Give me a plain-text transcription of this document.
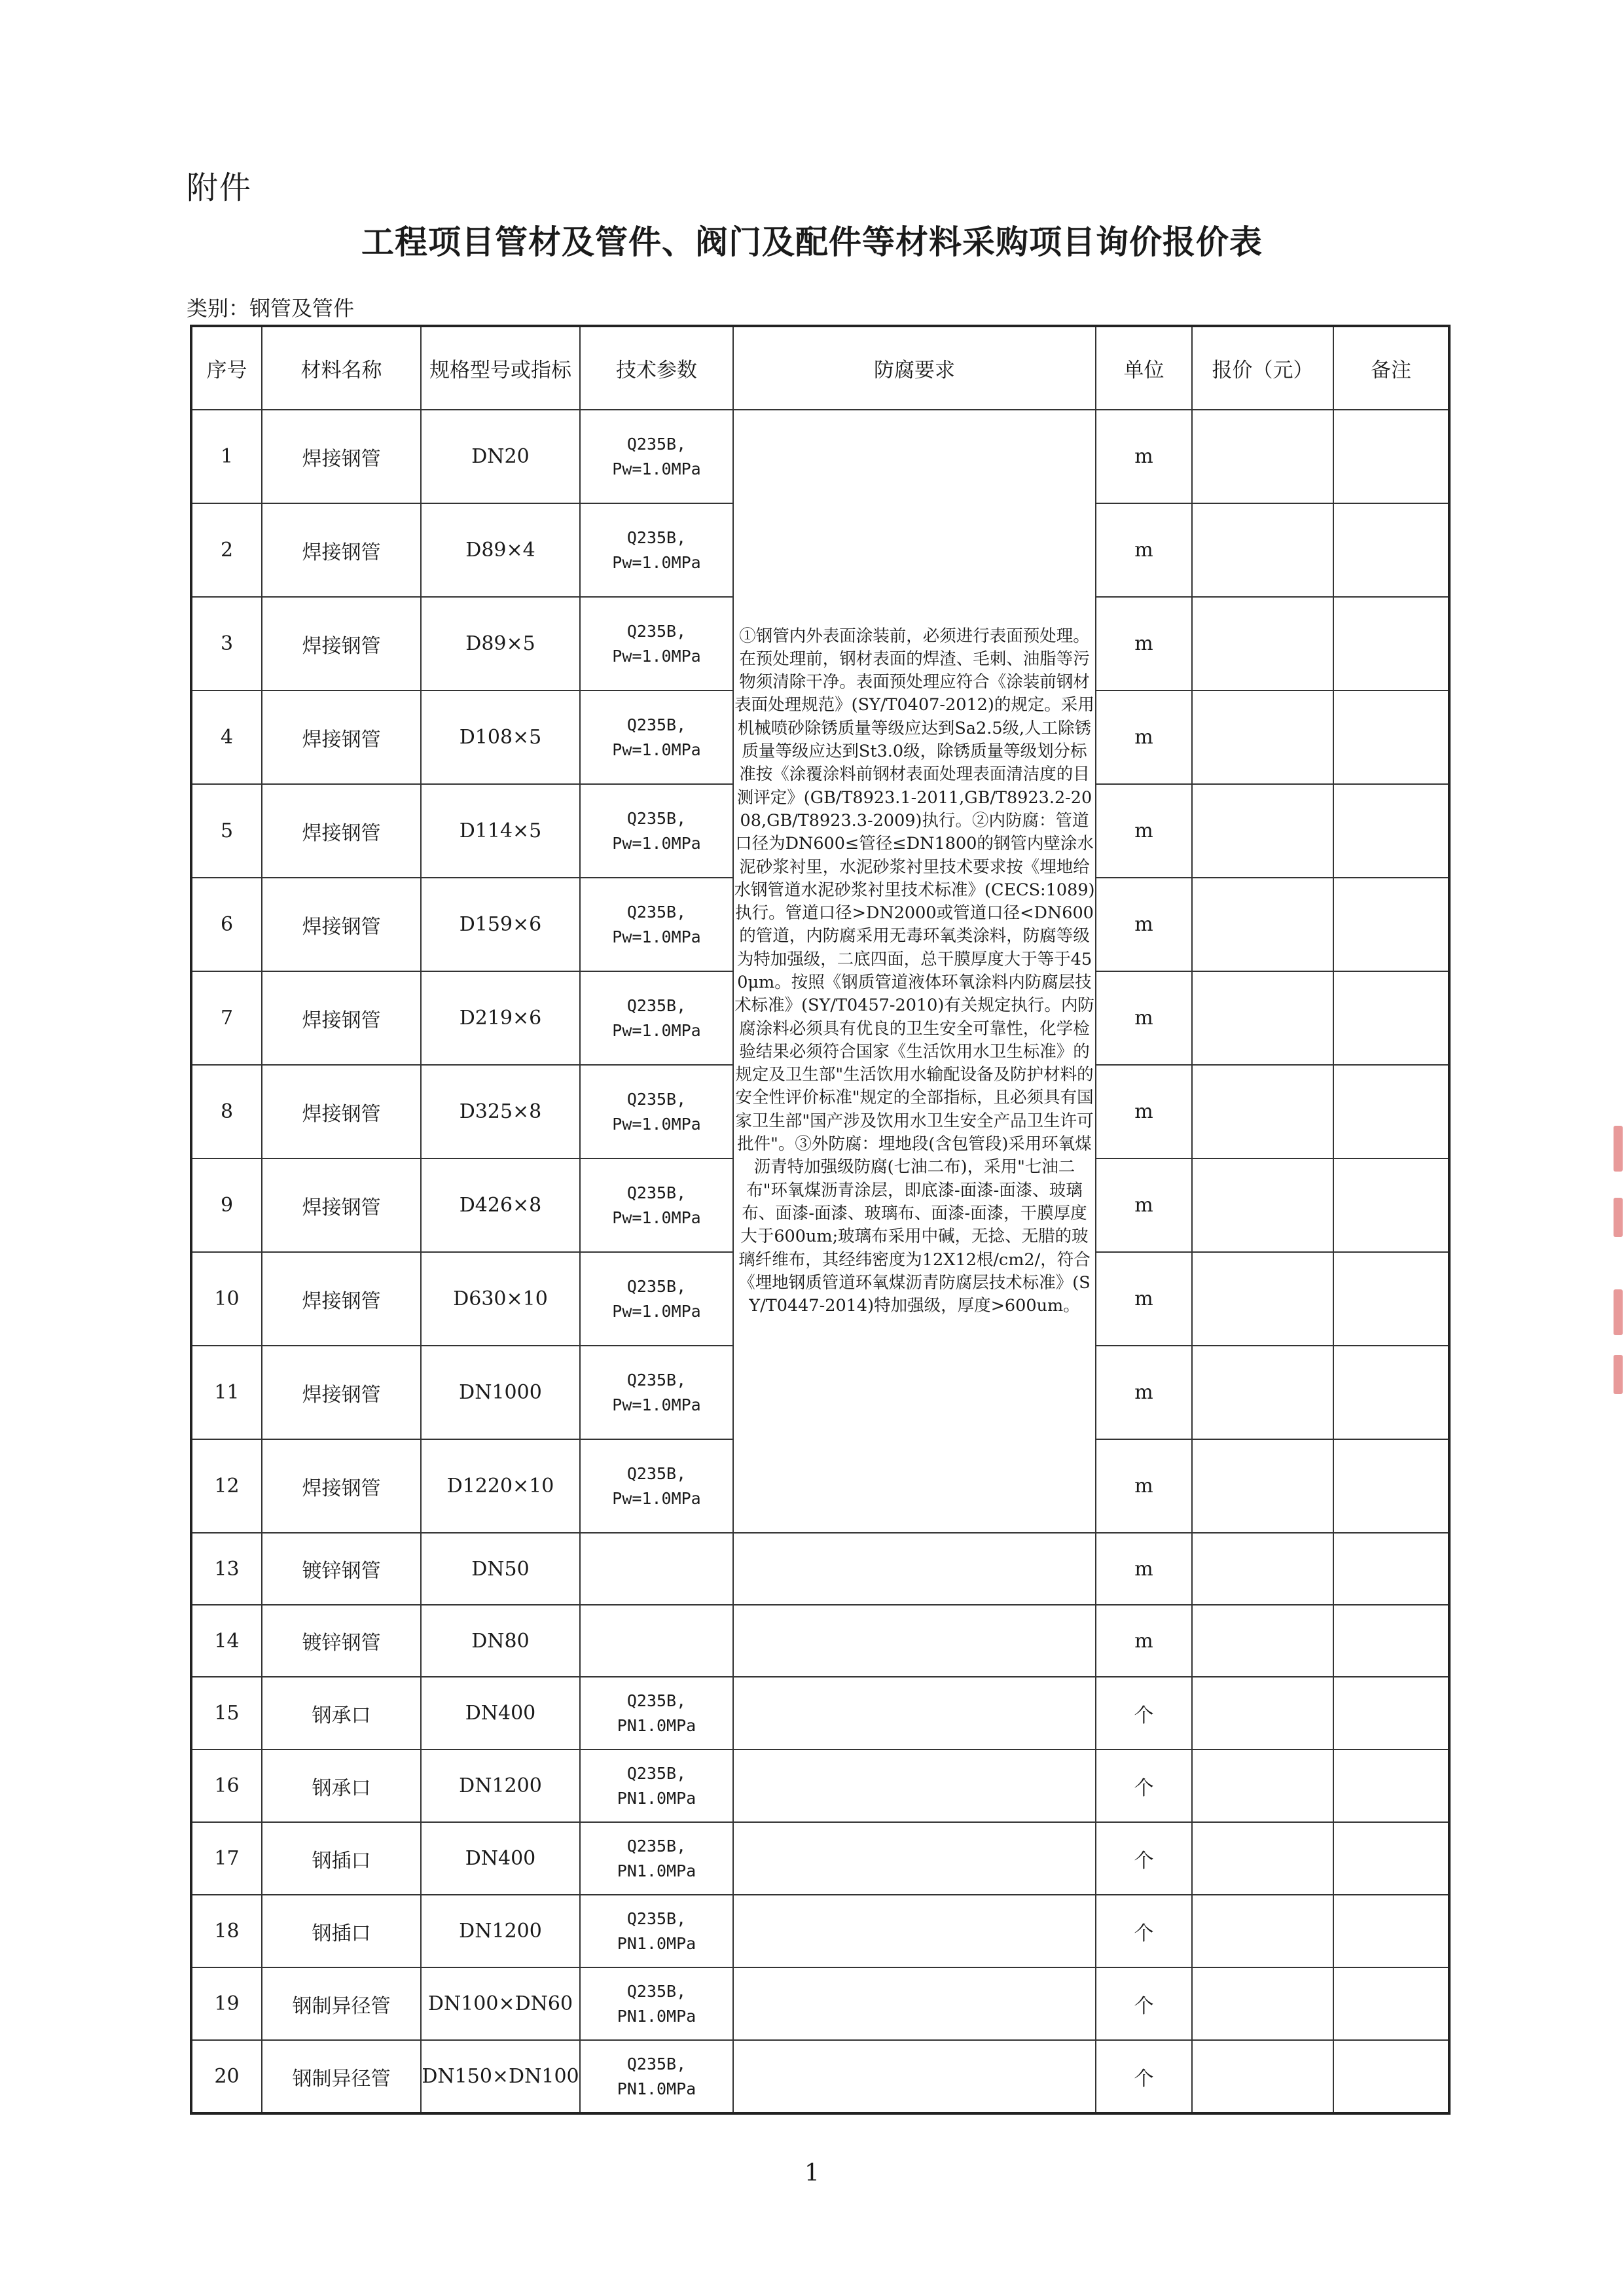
附件
工程项目管材及管件、阀门及配件等材料采购项目询价报价表
类别：钢管及管件
序号	材料名称	规格型号或指标	技术参数	防腐要求	单位	报价（元）	备注
1	焊接钢管	DN20	Q235B,
Pw=1.0MPa	①钢管内外表面涂装前，必须进行表面预处理。在预处理前，钢材表面的焊渣、毛刺、油脂等污物须清除干净。表面预处理应符合《涂装前钢材表面处理规范》(SY/T0407-2012)的规定。采用机械喷砂除锈质量等级应达到Sa2.5级,人工除锈质量等级应达到St3.0级，除锈质量等级划分标准按《涂覆涂料前钢材表面处理表面清洁度的目测评定》(GB/T8923.1-2011,GB/T8923.2-2008,GB/T8923.3-2009)执行。②内防腐：管道口径为DN600≤管径≤DN1800的钢管内壁涂水泥砂浆衬里，水泥砂浆衬里技术要求按《埋地给水钢管道水泥砂浆衬里技术标准》(CECS:1089)执行。管道口径>DN2000或管道口径<DN600的管道，内防腐采用无毒环氧类涂料，防腐等级为特加强级，二底四面，总干膜厚度大于等于450μm。按照《钢质管道液体环氧涂料内防腐层技术标准》(SY/T0457-2010)有关规定执行。内防腐涂料必须具有优良的卫生安全可靠性，化学检验结果必须符合国家《生活饮用水卫生标准》的规定及卫生部"生活饮用水输配设备及防护材料的安全性评价标准"规定的全部指标，且必须具有国家卫生部"国产涉及饮用水卫生安全产品卫生许可批件"。③外防腐：埋地段(含包管段)采用环氧煤沥青特加强级防腐(七油二布)，采用"七油二布"环氧煤沥青涂层，即底漆-面漆-面漆、玻璃布、面漆-面漆、玻璃布、面漆-面漆，干膜厚度大于600um;玻璃布采用中碱，无捻、无腊的玻璃纤维布，其经纬密度为12X12根/cm2/，符合《埋地钢质管道环氧煤沥青防腐层技术标准》(SY/T0447-2014)特加强级，厚度>600um。	m		
2	焊接钢管	D89×4	Q235B,
Pw=1.0MPa		m		
3	焊接钢管	D89×5	Q235B,
Pw=1.0MPa		m		
4	焊接钢管	D108×5	Q235B,
Pw=1.0MPa		m		
5	焊接钢管	D114×5	Q235B,
Pw=1.0MPa		m		
6	焊接钢管	D159×6	Q235B,
Pw=1.0MPa		m		
7	焊接钢管	D219×6	Q235B,
Pw=1.0MPa		m		
8	焊接钢管	D325×8	Q235B,
Pw=1.0MPa		m		
9	焊接钢管	D426×8	Q235B,
Pw=1.0MPa		m		
10	焊接钢管	D630×10	Q235B,
Pw=1.0MPa		m		
11	焊接钢管	DN1000	Q235B,
Pw=1.0MPa		m		
12	焊接钢管	D1220×10	Q235B,
Pw=1.0MPa		m		
13	镀锌钢管	DN50			m		
14	镀锌钢管	DN80			m		
15	钢承口	DN400	Q235B,
PN1.0MPa		个		
16	钢承口	DN1200	Q235B,
PN1.0MPa		个		
17	钢插口	DN400	Q235B,
PN1.0MPa		个		
18	钢插口	DN1200	Q235B,
PN1.0MPa		个		
19	钢制异径管	DN100×DN60	Q235B,
PN1.0MPa		个		
20	钢制异径管	DN150×DN100	Q235B,
PN1.0MPa		个		
1
